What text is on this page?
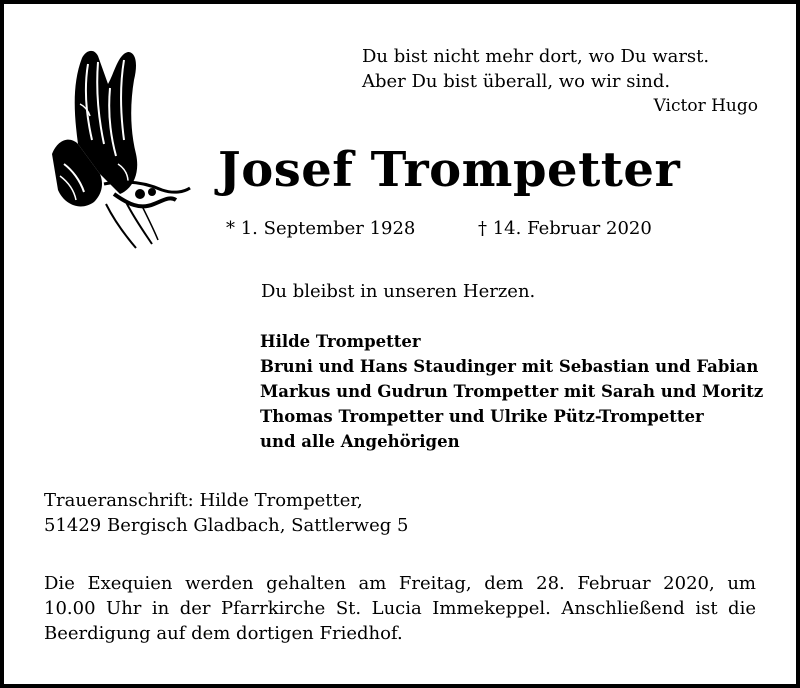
Du bist nicht mehr dort, wo Du warst.
Aber Du bist überall, wo wir sind.
Victor Hugo
Josef Trompetter
* 1. September 1928	† 14. Februar 2020
Du bleibst in unseren Herzen.
Hilde Trompetter
Bruni und Hans Staudinger mit Sebastian und Fabian
Markus und Gudrun Trompetter mit Sarah und Moritz
Thomas Trompetter und Ulrike Pütz-Trompetter
und alle Angehörigen
Traueranschrift: Hilde Trompetter,
51429 Bergisch Gladbach, Sattlerweg 5
Die Exequien werden gehalten am Freitag, dem 28. Februar 2020, um
10.00 Uhr in der Pfarrkirche St. Lucia Immekeppel. Anschließend ist die
Beerdigung auf dem dortigen Friedhof.
